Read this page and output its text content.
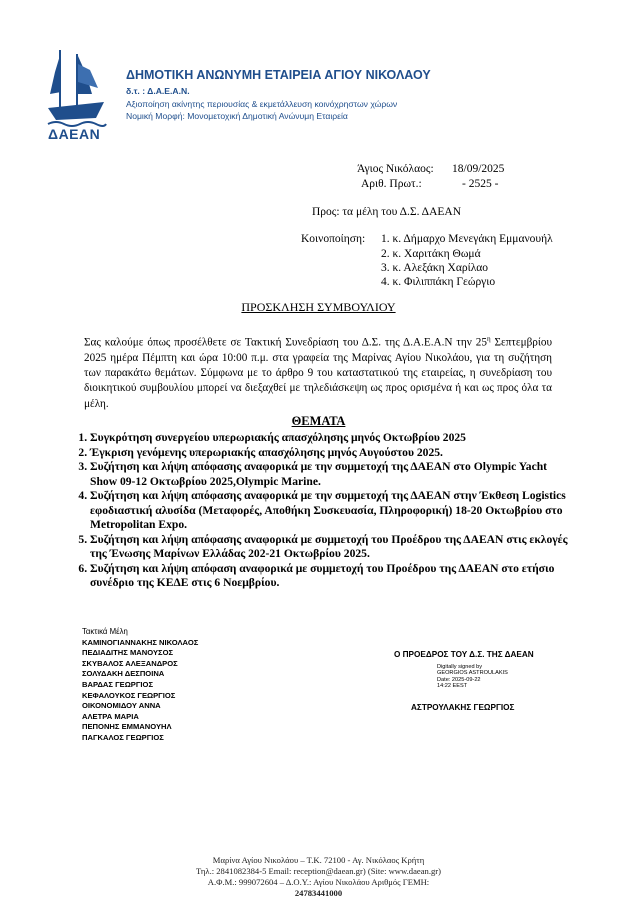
ΔΑΕΑΝ
ΔΗΜΟΤΙΚΗ ΑΝΩΝΥΜΗ ΕΤΑΙΡΕΙΑ ΑΓΙΟΥ ΝΙΚΟΛΑΟΥ
δ.τ. : Δ.Α.Ε.Α.Ν.
Αξιοποίηση ακίνητης περιουσίας & εκμετάλλευση κοινόχρηστων χώρων
Νομική Μορφή: Μονομετοχική Δημοτική Ανώνυμη Εταιρεία
Άγιος Νικόλαος: 18/09/2025
Αριθ. Πρωτ.:	- 2525 -
Προς: τα μέλη του Δ.Σ. ΔΑΕΑΝ
Κοινοποίηση: 1. κ. Δήμαρχο Μενεγάκη Εμμανουήλ
2. κ. Χαριτάκη Θωμά
3. κ. Αλεξάκη Χαρίλαο
4. κ. Φιλιππάκη Γεώργιο
ΠΡΟΣΚΛΗΣΗ ΣΥΜΒΟΥΛΙΟΥ
Σας καλούμε όπως προσέλθετε σε Τακτική Συνεδρίαση του Δ.Σ. της Δ.Α.Ε.Α.Ν την $25^\eta$ Σεπτεμβρίου 2025 ημέρα Πέμπτη και ώρα 10:00 π.μ. στα γραφεία της Μαρίνας Αγίου Νικολάου, για τη συζήτηση των παρακάτω θεμάτων. Σύμφωνα με το άρθρο 9 του καταστατικού της εταιρείας, η συνεδρίαση του διοικητικού συμβουλίου μπορεί να διεξαχθεί με τηλεδιάσκεψη ως προς ορισμένα ή και ως προς όλα τα μέλη.
ΘΕΜΑΤΑ
1. Συγκρότηση συνεργείου υπερωριακής απασχόλησης μηνός Οκτωβρίου 2025
2. Έγκριση γενόμενης υπερωριακής απασχόλησης μηνός Αυγούστου 2025.
3. Συζήτηση και λήψη απόφασης αναφορικά με την συμμετοχή της ΔΑΕΑΝ στο Olympic Yacht Show 09-12 Οκτωβρίου 2025,Olympic Marine.
4. Συζήτηση και λήψη απόφασης αναφορικά με την συμμετοχή της ΔΑΕΑΝ στην Έκθεση Logistics εφοδιαστική αλυσίδα (Μεταφορές, Αποθήκη Συσκευασία, Πληροφορική) 18-20 Οκτωβρίου στο Metropolitan Expo.
5. Συζήτηση και λήψη απόφασης αναφορικά με συμμετοχή του Προέδρου της ΔΑΕΑΝ στις εκλογές της Ένωσης Μαρίνων Ελλάδας 202-21 Οκτωβρίου 2025.
6. Συζήτηση και λήψη απόφαση αναφορικά με συμμετοχή του Προέδρου της ΔΑΕΑΝ στο ετήσιο συνέδριο της ΚΕΔΕ στις 6 Νοεμβρίου.
Τακτικά Μέλη
ΚΑΜΙΝΟΓΙΑΝΝΑΚΗΣ ΝΙΚΟΛΑΟΣ
ΠΕΔΙΑΔΙΤΗΣ ΜΑΝΟΥΣΟΣ
ΣΚΥΒΑΛΟΣ ΑΛΕΞΑΝΔΡΟΣ
ΣΟΛΥΔΑΚΗ ΔΕΣΠΟΙΝΑ
ΒΑΡΔΑΣ ΓΕΩΡΓΙΟΣ
ΚΕΦΑΛΟΥΚΟΣ ΓΕΩΡΓΙΟΣ
ΟΙΚΟΝΟΜΙΔΟΥ ΑΝΝΑ
ΑΛΕΤΡΑ ΜΑΡΙΑ
ΠΕΠΟΝΗΣ ΕΜΜΑΝΟΥΗΛ
ΠΑΓΚΑΛΟΣ ΓΕΩΡΓΙΟΣ
Ο ΠΡΟΕΔΡΟΣ ΤΟΥ Δ.Σ. ΤΗΣ ΔΑΕΑΝ
Digitally signed by
GEORGIOS ASTROULAKIS
Date: 2025-09-22
14:22 EEST
ΑΣΤΡΟΥΛΑΚΗΣ ΓΕΩΡΓΙΟΣ
Μαρίνα Αγίου Νικολάου – Τ.Κ. 72100 - Αγ. Νικόλαος Κρήτη
Τηλ.: 2841082384-5 Email: reception@daean.gr) (Site: www.daean.gr)
Α.Φ.Μ.: 999072604 – Δ.Ο.Υ.: Αγίου Νικολάου Αριθμός ΓΕΜΗ:
24783441000
